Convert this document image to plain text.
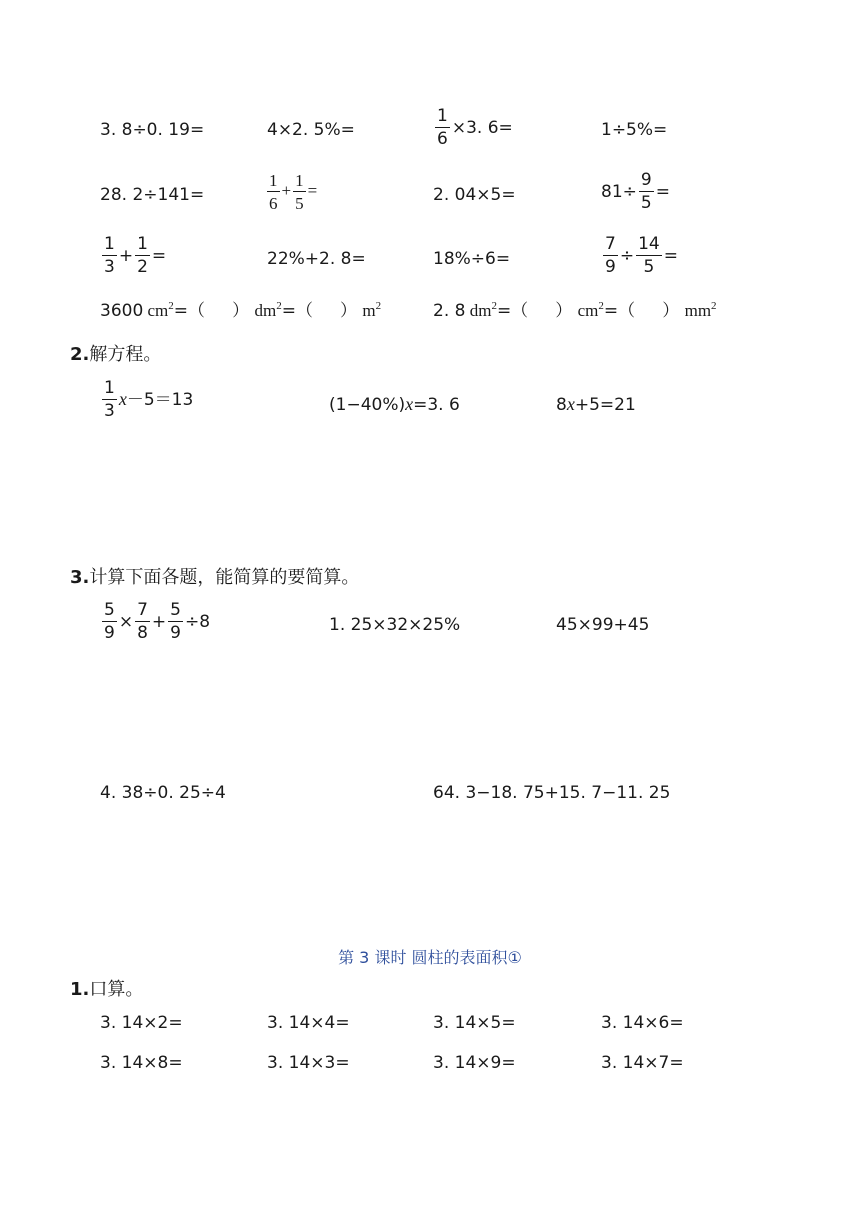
3. 8÷0. 19=	4×2. 5%=	$\frac{1}{6} \times 3$. 6=	1÷5%=
28. 2÷141=	$\frac{1}{6} + \frac{1}{5}$ =	2. 04×5=	$81\div \frac{9}{5}$ =
$\frac{1}{3} + \frac{1}{2}$ =	22%+2. 8=	18%÷6=	$\frac{7}{9} \div \frac{14}{5}$ =
3600 $cm^2=$（ ） $dm^2=$（ ） $m^2$	2. 8 $dm^2=$（ ） $cm^2=$（ ） $mm^2$
2.解方程。
$\frac{1}{3} x-5=13$	(1−40%)x=3. 6	8x+5=21
3.计算下面各题，能简算的要简算。
$\frac{5}{9} \times \frac{7}{8} + \frac{5}{9} \div 8$	1. 25×32×25%	45×99+45
4. 38÷0. 25÷4	64. 3−18. 75+15. 7−11. 25
第 3 课时 圆柱的表面积①
1.口算。
3. 14×2=	3. 14×4=	3. 14×5=	3. 14×6=
3. 14×8=	3. 14×3=	3. 14×9=	3. 14×7=
